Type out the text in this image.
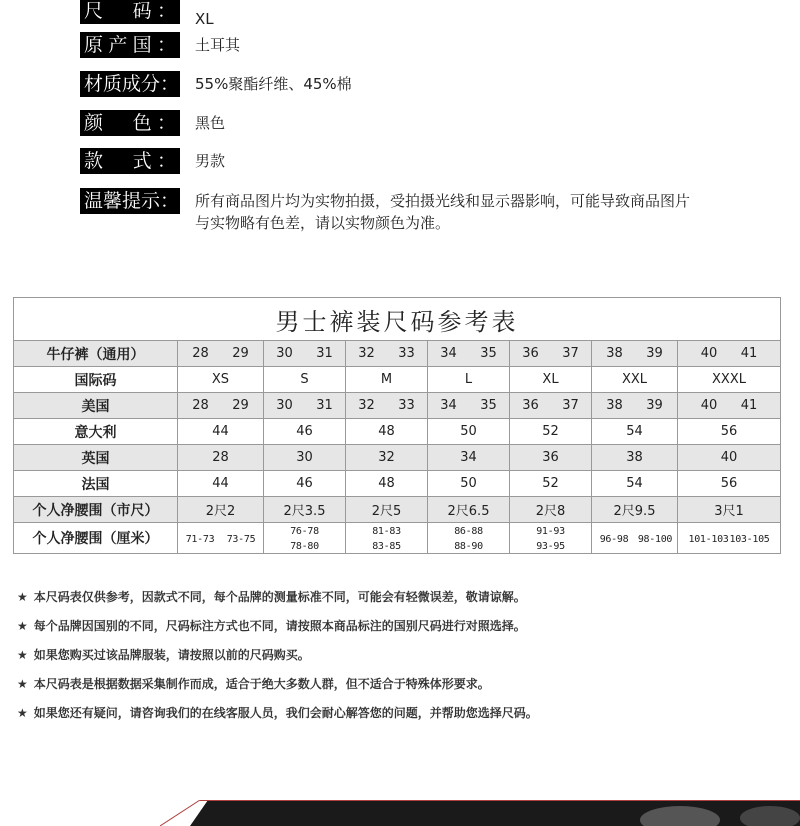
尺　码： XL
原产国： 土耳其
材质成分： 55%聚酯纤维、45%棉
颜　色： 黑色
款　式： 男款
温馨提示： 所有商品图片均为实物拍摄，受拍摄光线和显示器影响，可能导致商品图片与实物略有色差，请以实物颜色为准。
男士裤装尺码参考表							
牛仔裤（通用）	28 29	30 31	32 33	34 35	36 37	38 39	40 41
国际码	XS	S	M	L	XL	XXL	XXXL
美国	28 29	30 31	32 33	34 35	36 37	38 39	40 41
意大利	44	46	48	50	52	54	56
英国	28	30	32	34	36	38	40
法国	44	46	48	50	52	54	56
个人净腰围（市尺）	2尺2	2尺3.5	2尺5	2尺6.5	2尺8	2尺9.5	3尺1
个人净腰围（厘米）	71-73 73-75	76-7878-80	81-8383-85	86-8888-90	91-9393-95	96-98 98-100	101-103103-105
★ 本尺码表仅供参考，因款式不同，每个品牌的测量标准不同，可能会有轻微误差，敬请谅解。
★ 每个品牌因国别的不同，尺码标注方式也不同，请按照本商品标注的国别尺码进行对照选择。
★ 如果您购买过该品牌服装，请按照以前的尺码购买。
★ 本尺码表是根据数据采集制作而成，适合于绝大多数人群，但不适合于特殊体形要求。
★ 如果您还有疑问，请咨询我们的在线客服人员，我们会耐心解答您的问题，并帮助您选择尺码。
